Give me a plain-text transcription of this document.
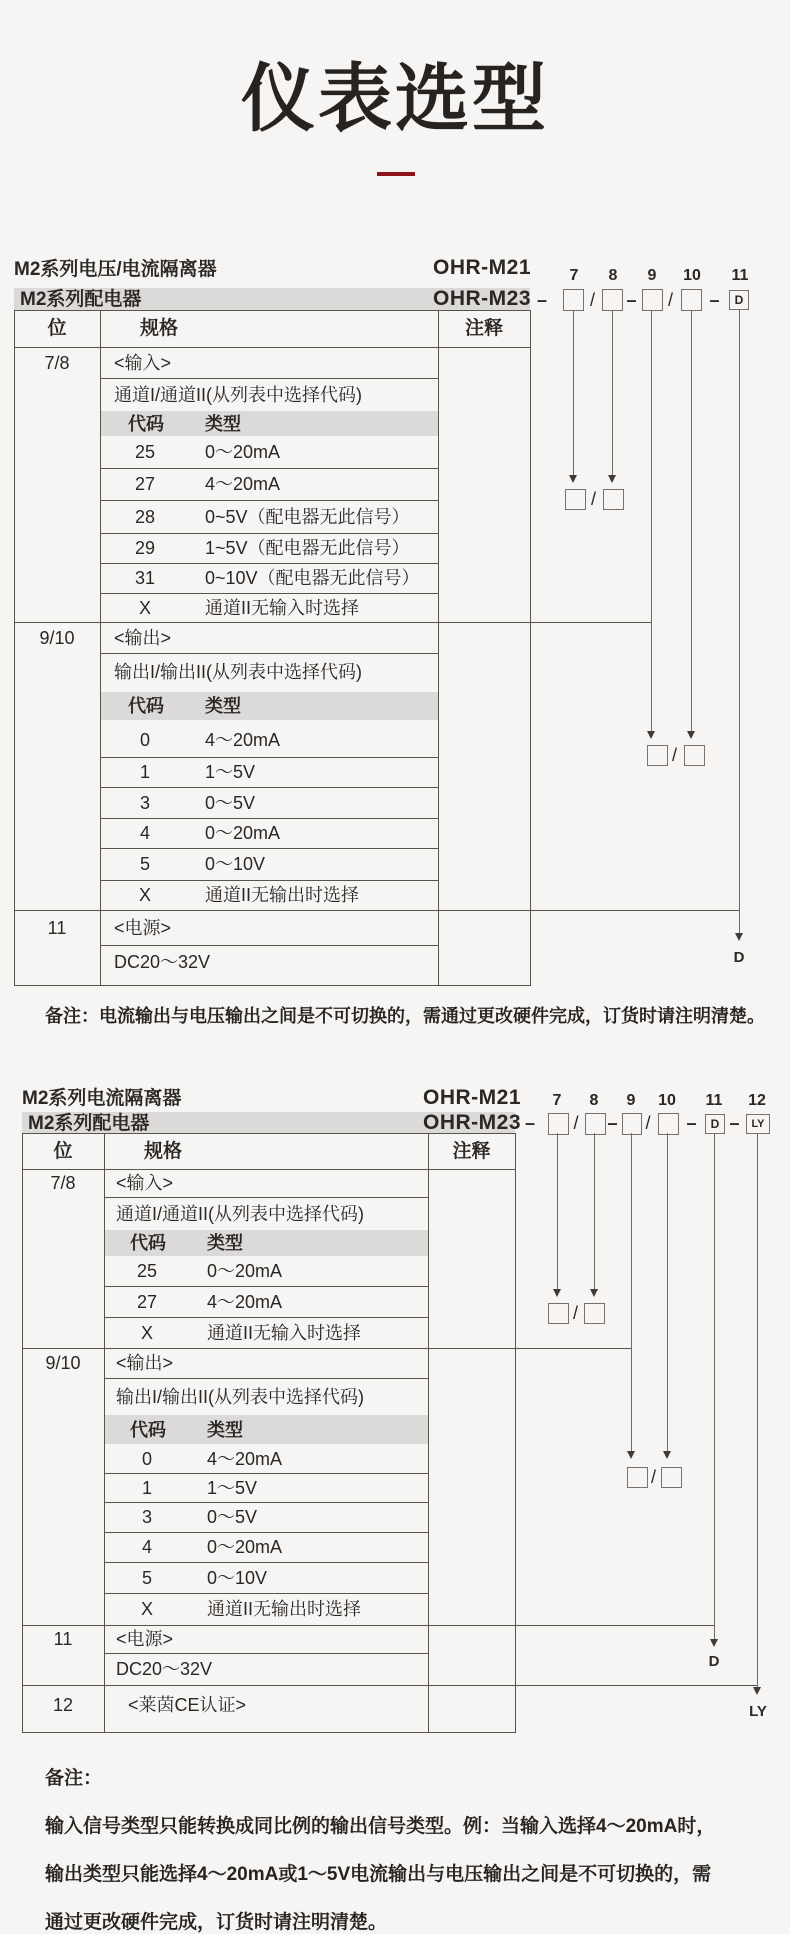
仪表选型
M2系列电压/电流隔离器	OHR-M21
M2系列配电器	OHR-M23
7	8	9	10 11
– / – /	–	D
/
/
D
位	规格	注释
7/8	<输入>
通道I/通道II(从列表中选择代码)
代码 类型
25	0～20mA
27	4～20mA
28	0~5V（配电器无此信号）
29	1~5V（配电器无此信号）
31	0~10V（配电器无此信号）
X	通道II无输入时选择
9/10	<输出>
输出I/输出II(从列表中选择代码)
代码 类型
0	4～20mA
1	1～5V
3	0～5V
4	0～20mA
5	0～10V
X	通道II无输出时选择
11	<电源>
DC20～32V
备注：电流输出与电压输出之间是不可切换的，需通过更改硬件完成，订货时请注明清楚。
M2系列电流隔离器	OHR-M21
M2系列配电器	OHR-M23
7	8	9	10 11 12
– / – /	–	D –	LY
/
/
D
LY
位	规格	注释
7/8	<输入>
通道I/通道II(从列表中选择代码)
代码 类型
25	0～20mA
27	4～20mA
X	通道II无输入时选择
9/10	<输出>
输出I/输出II(从列表中选择代码)
代码 类型
0	4～20mA
1	1～5V
3	0～5V
4	0～20mA
5	0～10V
X	通道II无输出时选择
11	<电源>
DC20～32V
12	<莱茵CE认证>
备注：
输入信号类型只能转换成同比例的输出信号类型。例：当输入选择4～20mA时，
输出类型只能选择4～20mA或1～5V电流输出与电压输出之间是不可切换的，需
通过更改硬件完成，订货时请注明清楚。
